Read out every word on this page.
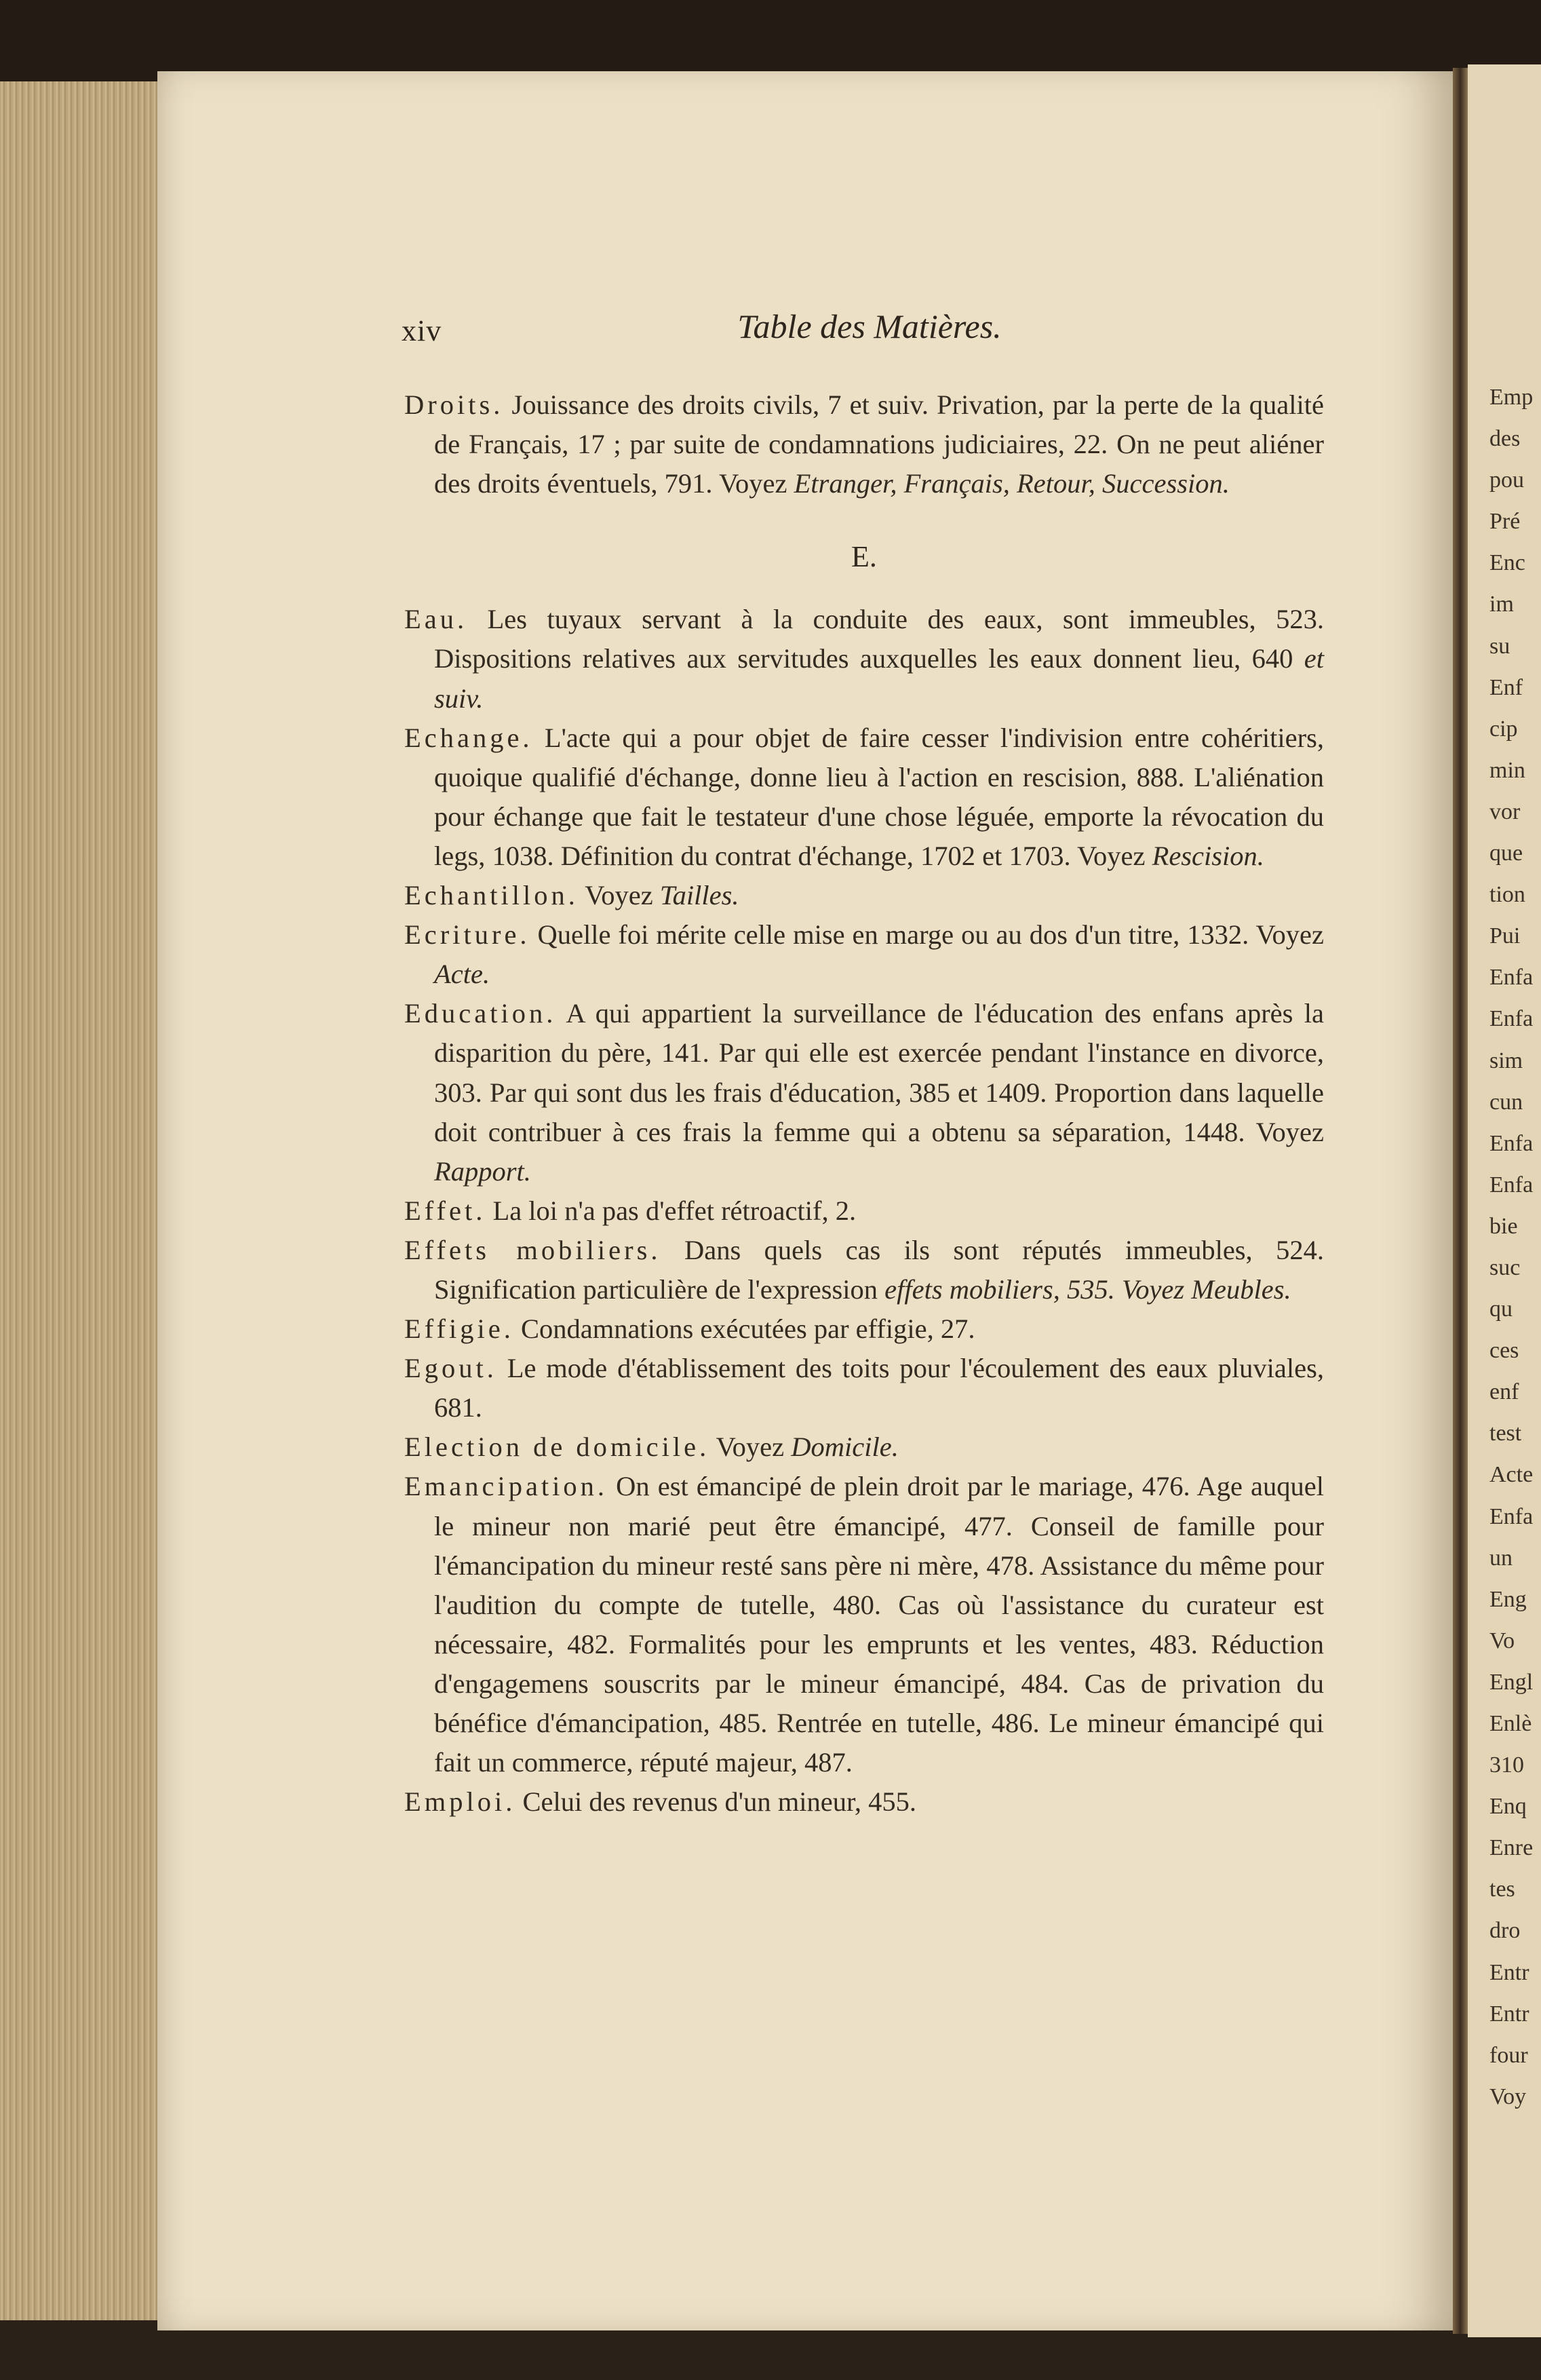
Emp
des
pou
Pré
Enc
im
su
Enf
cip
min
vor
que
tion
Pui
Enfa
Enfa
sim
cun
Enfa
Enfa
bie
suc
qu
ces
enf
test
Acte
Enfa
un
Eng
Vo
Engl
Enlè
310
Enq
Enre
tes
dro
Entr
Entr
four
Voy
xiv	Table des Matières.

Droits. Jouissance des droits civils, 7 et suiv. Privation, par la perte de la qualité de Français, 17 ; par suite de condamnations judiciaires, 22. On ne peut aliéner des droits éventuels, 791. Voyez Etranger, Français, Retour, Succession.

E.

Eau. Les tuyaux servant à la conduite des eaux, sont immeubles, 523. Dispositions relatives aux servitudes auxquelles les eaux donnent lieu, 640 et suiv.

Echange. L'acte qui a pour objet de faire cesser l'indivision entre cohéritiers, quoique qualifié d'échange, donne lieu à l'action en rescision, 888. L'aliénation pour échange que fait le testateur d'une chose léguée, emporte la révocation du legs, 1038. Définition du contrat d'échange, 1702 et 1703. Voyez Rescision.

Echantillon. Voyez Tailles.

Ecriture. Quelle foi mérite celle mise en marge ou au dos d'un titre, 1332. Voyez Acte.

Education. A qui appartient la surveillance de l'éducation des enfans après la disparition du père, 141. Par qui elle est exercée pendant l'instance en divorce, 303. Par qui sont dus les frais d'éducation, 385 et 1409. Proportion dans laquelle doit contribuer à ces frais la femme qui a obtenu sa séparation, 1448. Voyez Rapport.

Effet. La loi n'a pas d'effet rétroactif, 2.

Effets mobiliers. Dans quels cas ils sont réputés immeubles, 524. Signification particulière de l'expression effets mobiliers, 535. Voyez Meubles.

Effigie. Condamnations exécutées par effigie, 27.

Egout. Le mode d'établissement des toits pour l'écoulement des eaux pluviales, 681.

Election de domicile. Voyez Domicile.

Emancipation. On est émancipé de plein droit par le mariage, 476. Age auquel le mineur non marié peut être émancipé, 477. Conseil de famille pour l'émancipation du mineur resté sans père ni mère, 478. Assistance du même pour l'audition du compte de tutelle, 480. Cas où l'assistance du curateur est nécessaire, 482. Formalités pour les emprunts et les ventes, 483. Réduction d'engagemens souscrits par le mineur émancipé, 484. Cas de privation du bénéfice d'émancipation, 485. Rentrée en tutelle, 486. Le mineur émancipé qui fait un commerce, réputé majeur, 487.

Emploi. Celui des revenus d'un mineur, 455.
